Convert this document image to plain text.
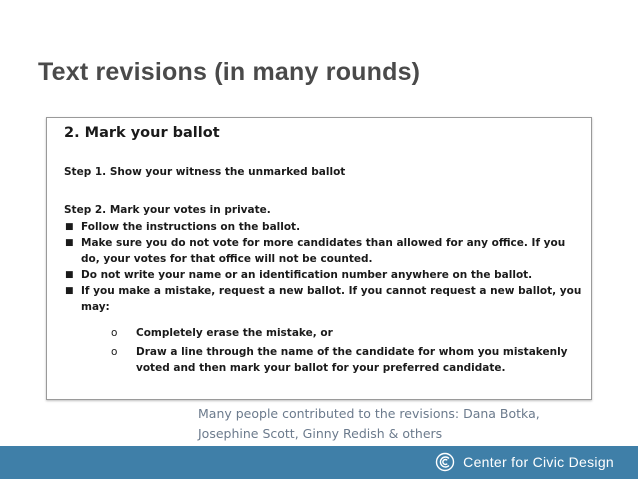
Text revisions (in many rounds)
2. Mark your ballot

Step 1. Show your witness the unmarked ballot

Step 2. Mark your votes in private.

■ Follow the instructions on the ballot.
■ Make sure you do not vote for more candidates than allowed for any office. If you do, your votes for that office will not be counted.
■ Do not write your name or an identification number anywhere on the ballot.
■ If you make a mistake, request a new ballot. If you cannot request a new ballot, you may:
o Completely erase the mistake, or
o Draw a line through the name of the candidate for whom you mistakenly voted and then mark your ballot for your preferred candidate.

Many people contributed to the revisions: Dana Botka, Josephine Scott, Ginny Redish & others

Center for Civic Design
